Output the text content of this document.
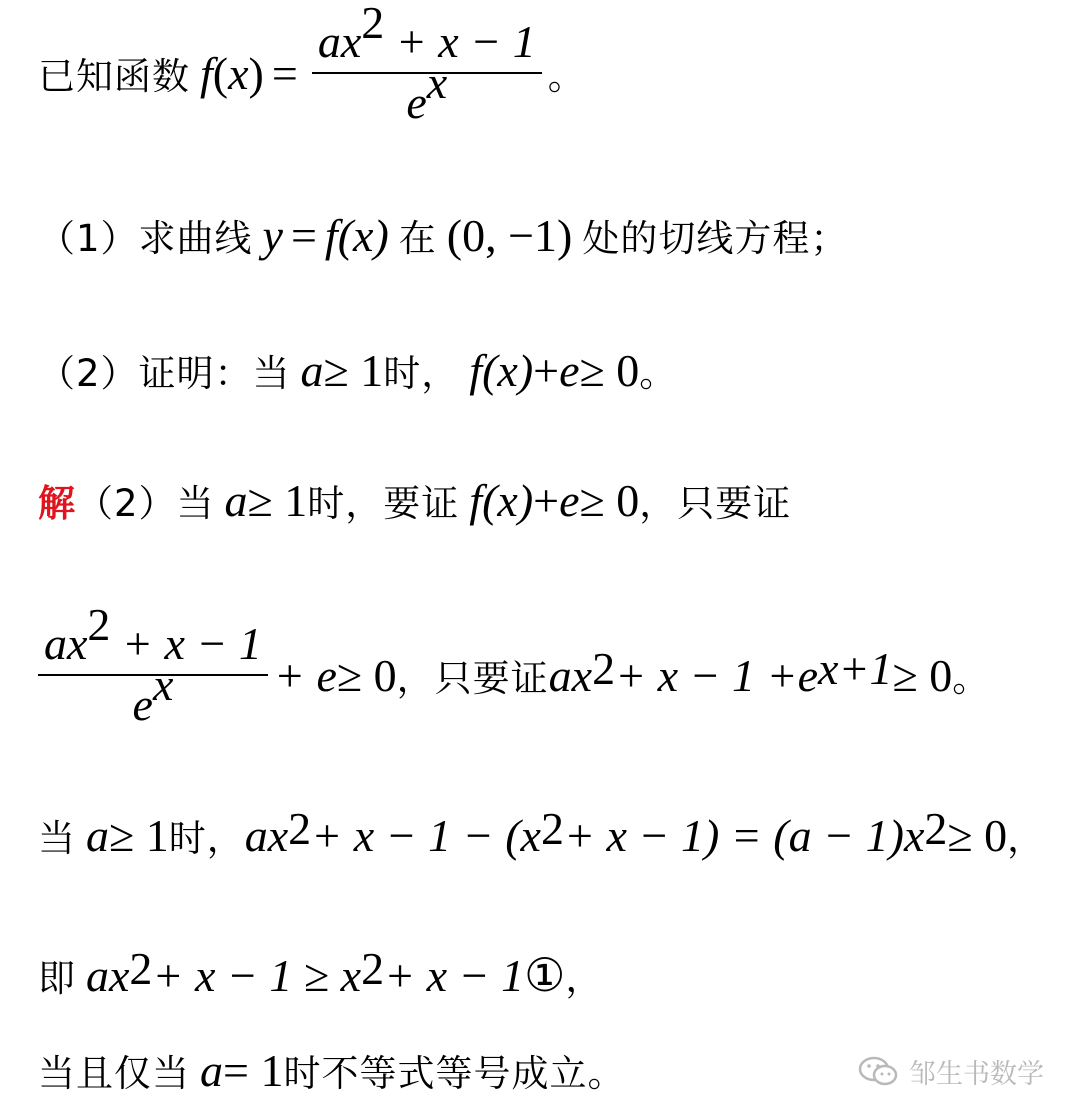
已知函数 f ( x ) = $\frac{ax^2 + x - 1}{e^x}$ 。
（1）求曲线 y = f (x) 在 (0, −1) 处的切线方程；
（2）证明：当 a ≥ 1 时， f (x) + e ≥ 0 。
解 （2）当 a ≥ 1 时，要证 f (x) + e ≥ 0 ，只要证
$\frac{ax^2 + x - 1}{e^x} + e \ge 0$ ，只要证 a $x^2 + x - 1 + e^{x+1} \ge 0$ 。
当 a ≥ 1 时， $ax^2 + x - 1 - (x^2 + x - 1) = (a - 1)x^2 \ge 0$ ，
即 $ax^2 + x - 1 \ge x^2 + x - 1$ ① ，
当且仅当 a = 1 时不等式等号成立。	邹生书数学
